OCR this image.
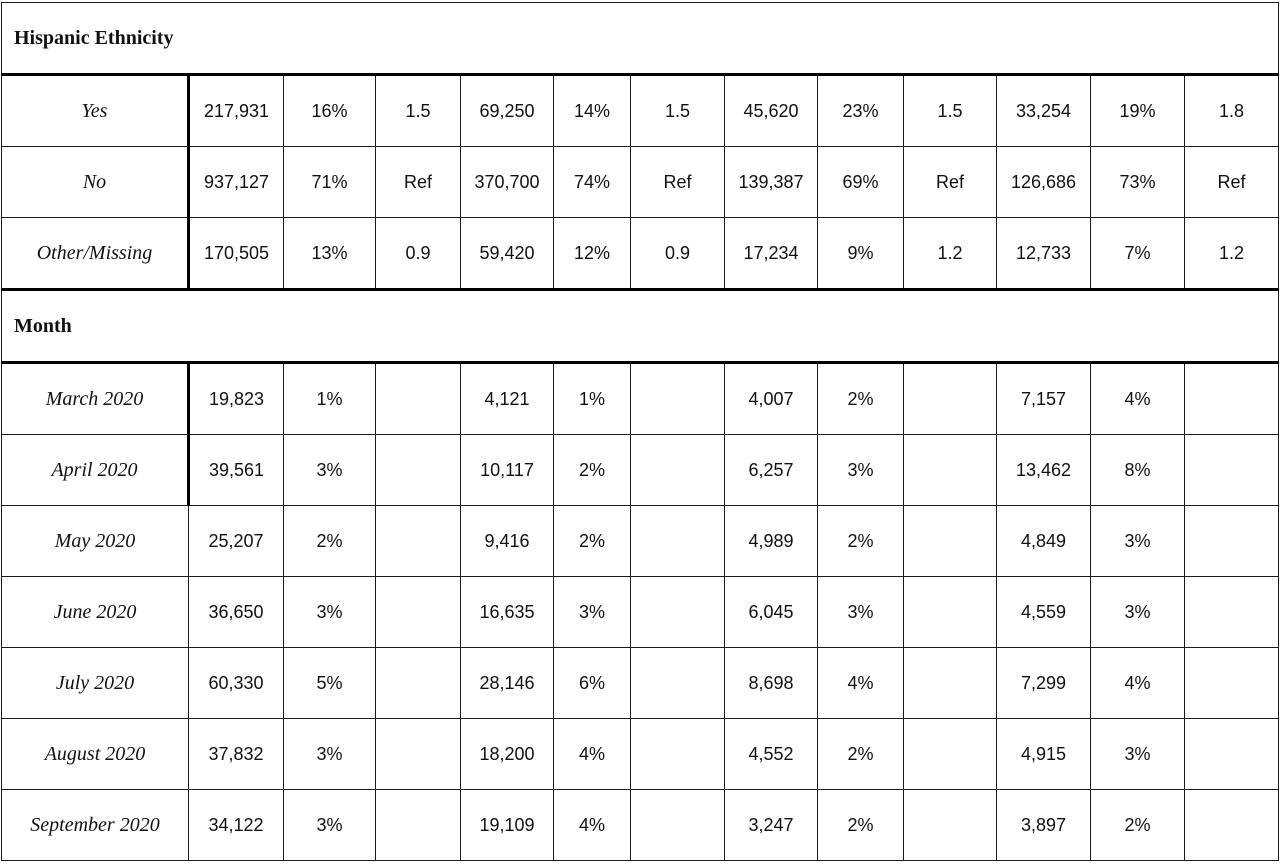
Hispanic Ethnicity												
Yes	217,931	16%	1.5	69,250	14%	1.5	45,620	23%	1.5	33,254	19%	1.8
No	937,127	71%	Ref	370,700	74%	Ref	139,387	69%	Ref	126,686	73%	Ref
Other/Missing	170,505	13%	0.9	59,420	12%	0.9	17,234	9%	1.2	12,733	7%	1.2
Month												
March 2020	19,823	1%		4,121	1%		4,007	2%		7,157	4%	
April 2020	39,561	3%		10,117	2%		6,257	3%		13,462	8%	
May 2020	25,207	2%		9,416	2%		4,989	2%		4,849	3%	
June 2020	36,650	3%		16,635	3%		6,045	3%		4,559	3%	
July 2020	60,330	5%		28,146	6%		8,698	4%		7,299	4%	
August 2020	37,832	3%		18,200	4%		4,552	2%		4,915	3%	
September 2020	34,122	3%		19,109	4%		3,247	2%		3,897	2%	
